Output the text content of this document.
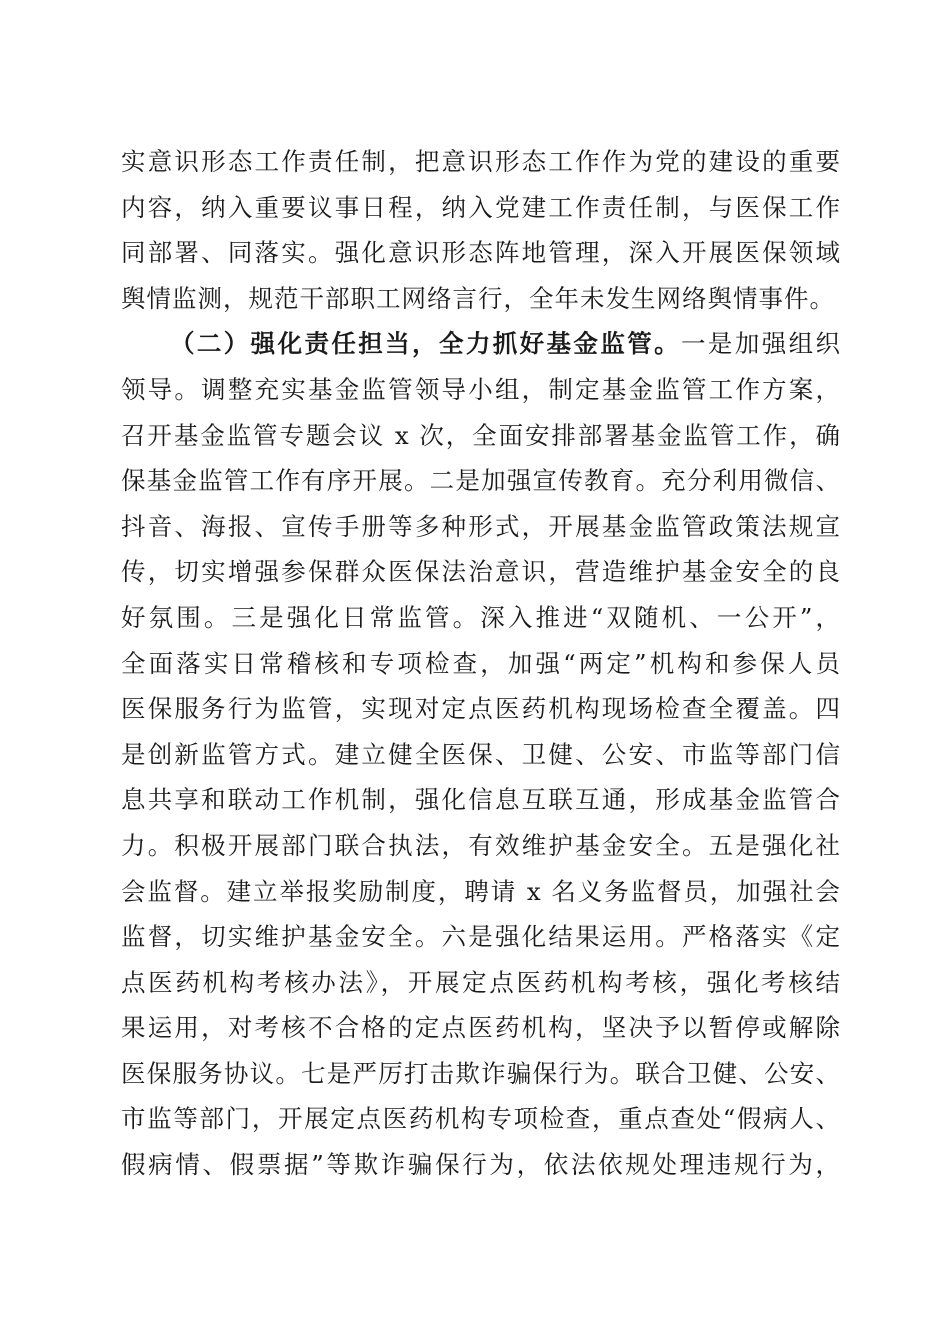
实意识形态工作责任制，把意识形态工作作为党的建设的重要
内容，纳入重要议事日程，纳入党建工作责任制，与医保工作
同部署、同落实。强化意识形态阵地管理，深入开展医保领域
舆情监测，规范干部职工网络言行，全年未发生网络舆情事件。
（二）强化责任担当，全力抓好基金监管。一是加强组织
领导。调整充实基金监管领导小组，制定基金监管工作方案，
召开基金监管专题会议 x 次，全面安排部署基金监管工作，确
保基金监管工作有序开展。二是加强宣传教育。充分利用微信、
抖音、海报、宣传手册等多种形式，开展基金监管政策法规宣
传，切实增强参保群众医保法治意识，营造维护基金安全的良
好氛围。三是强化日常监管。深入推进“双随机、一公开”，
全面落实日常稽核和专项检查，加强“两定”机构和参保人员
医保服务行为监管，实现对定点医药机构现场检查全覆盖。四
是创新监管方式。建立健全医保、卫健、公安、市监等部门信
息共享和联动工作机制，强化信息互联互通，形成基金监管合
力。积极开展部门联合执法，有效维护基金安全。五是强化社
会监督。建立举报奖励制度，聘请 x 名义务监督员，加强社会
监督，切实维护基金安全。六是强化结果运用。严格落实《定
点医药机构考核办法》，开展定点医药机构考核，强化考核结
果运用，对考核不合格的定点医药机构，坚决予以暂停或解除
医保服务协议。七是严厉打击欺诈骗保行为。联合卫健、公安、
市监等部门，开展定点医药机构专项检查，重点查处“假病人、
假病情、假票据”等欺诈骗保行为，依法依规处理违规行为，
